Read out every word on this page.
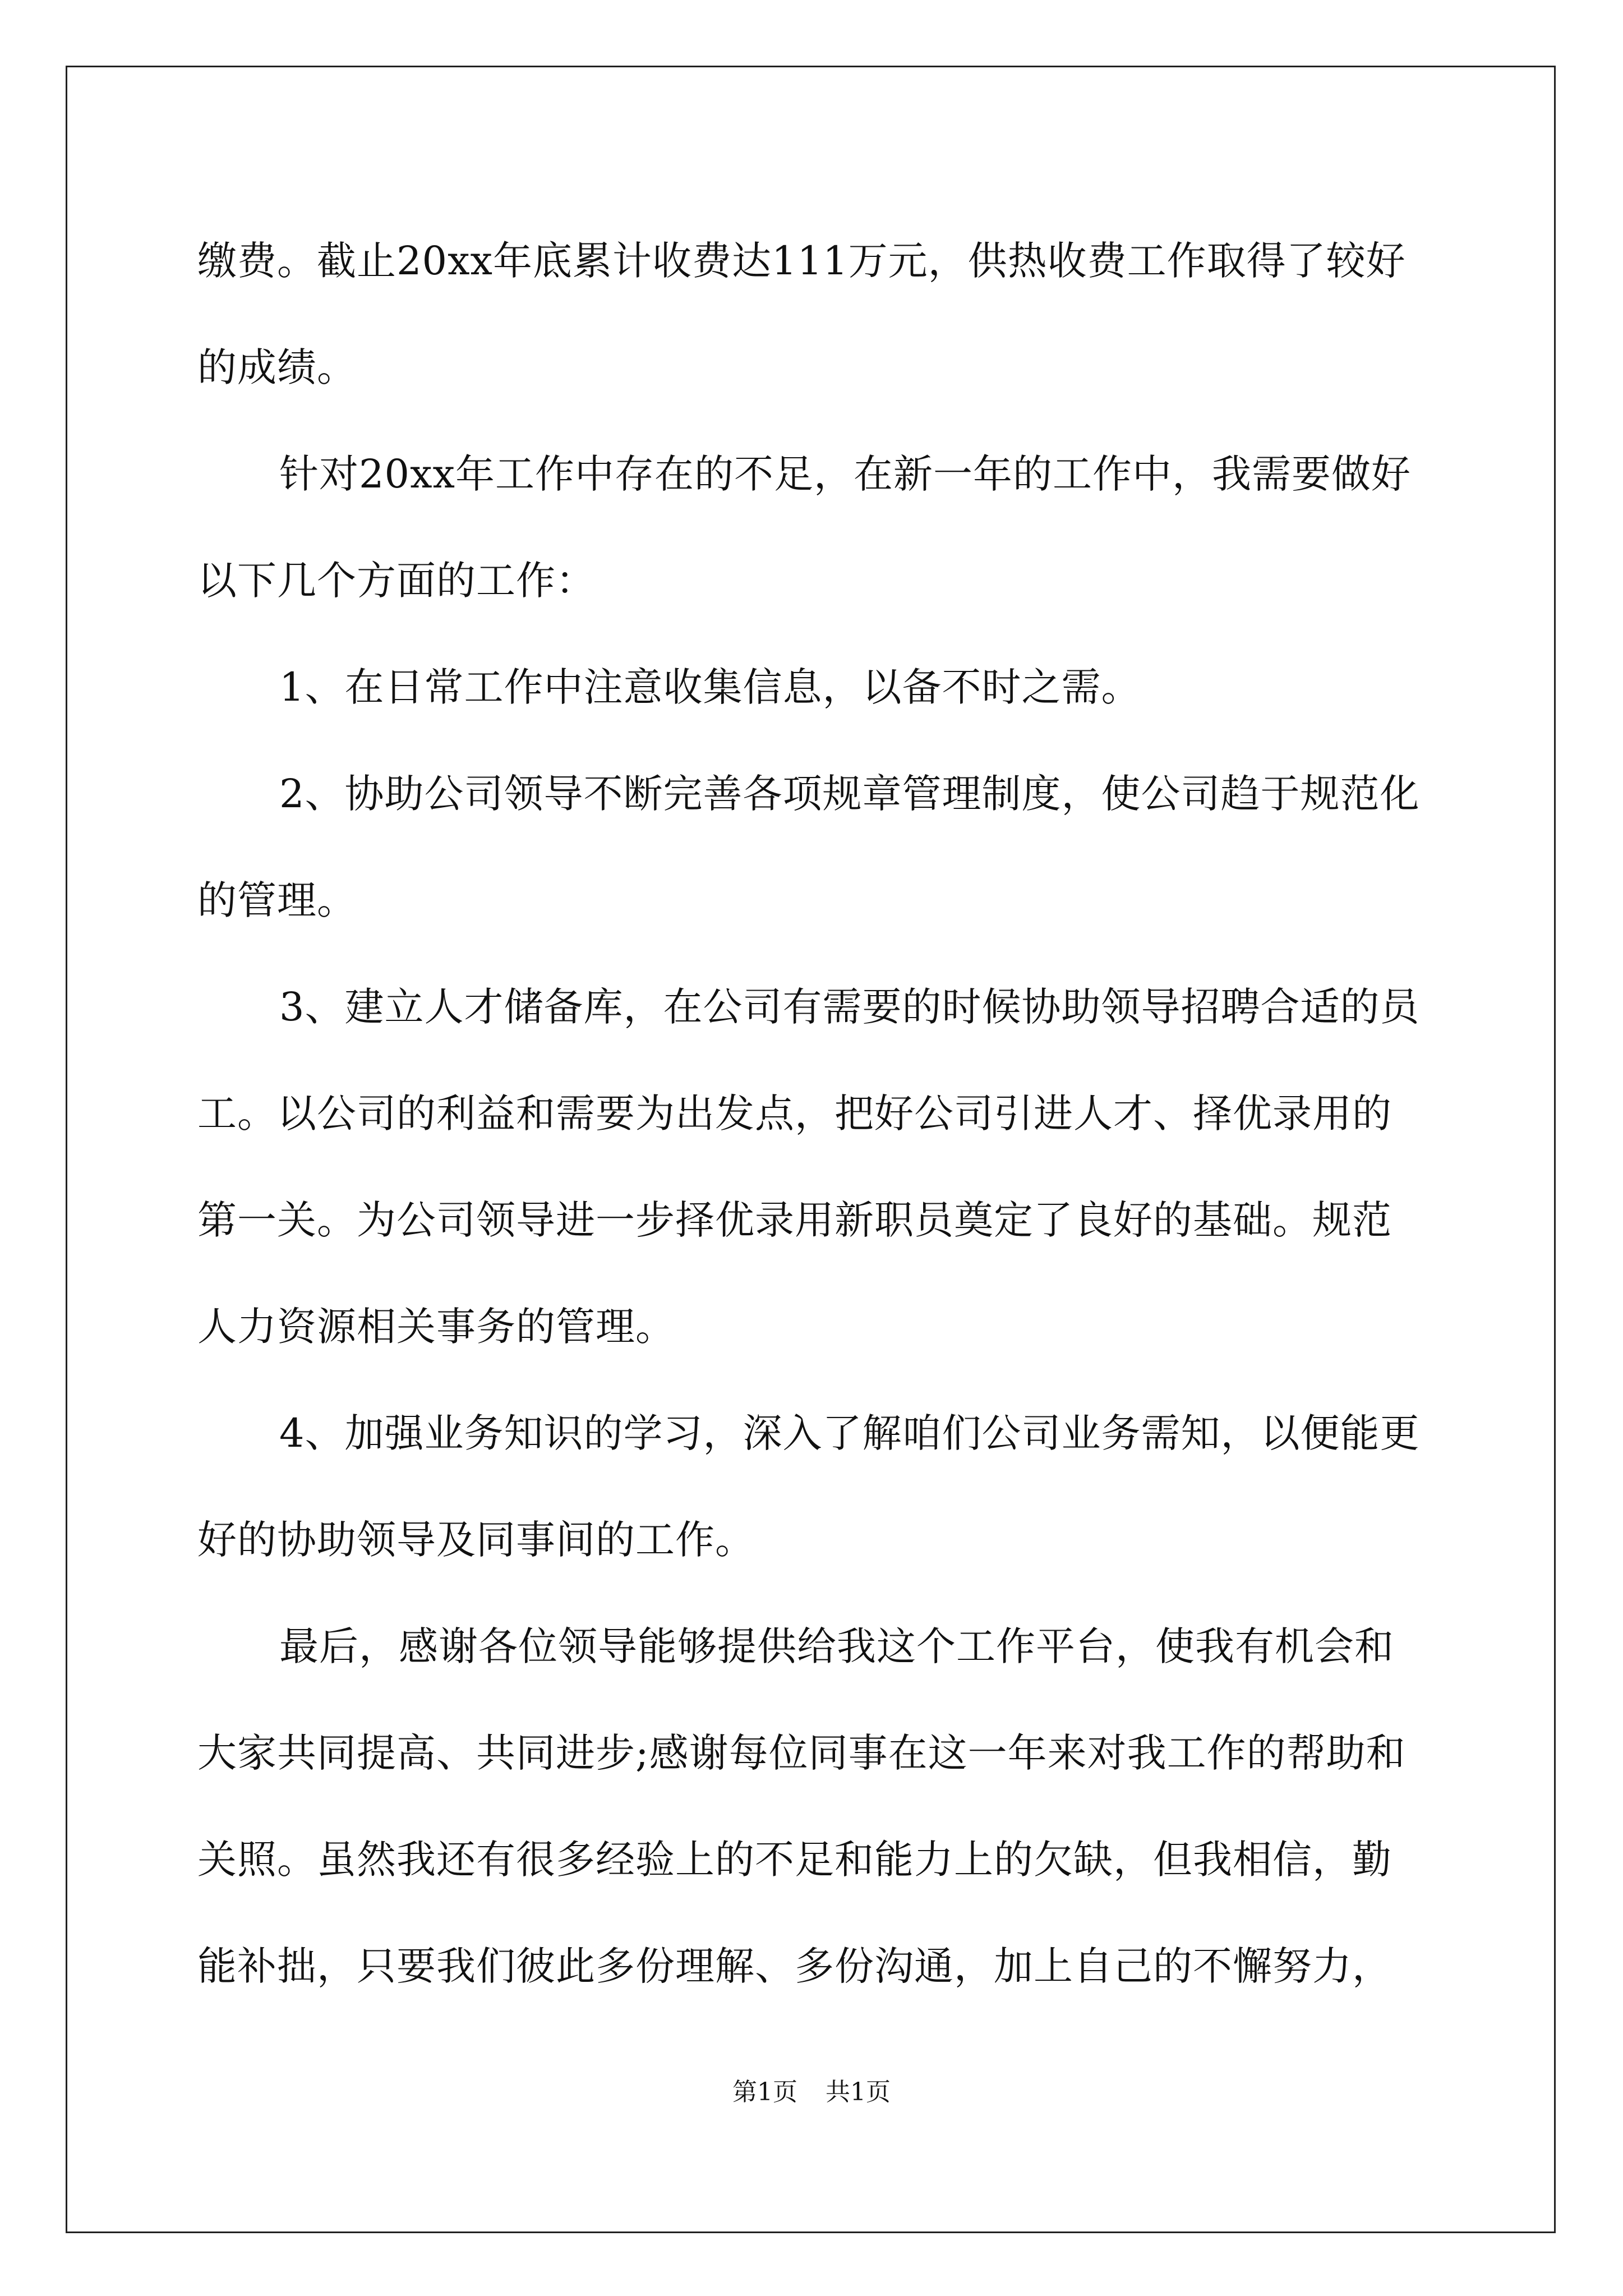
缴费。截止20xx年底累计收费达111万元，供热收费工作取得了较好
的成绩。
针对20xx年工作中存在的不足，在新一年的工作中，我需要做好
以下几个方面的工作：
1、在日常工作中注意收集信息，以备不时之需。
2、协助公司领导不断完善各项规章管理制度，使公司趋于规范化
的管理。
3、建立人才储备库，在公司有需要的时候协助领导招聘合适的员
工。以公司的利益和需要为出发点，把好公司引进人才、择优录用的
第一关。为公司领导进一步择优录用新职员奠定了良好的基础。规范
人力资源相关事务的管理。
4、加强业务知识的学习，深入了解咱们公司业务需知，以便能更
好的协助领导及同事间的工作。
最后，感谢各位领导能够提供给我这个工作平台，使我有机会和
大家共同提高、共同进步;感谢每位同事在这一年来对我工作的帮助和
关照。虽然我还有很多经验上的不足和能力上的欠缺，但我相信，勤
能补拙，只要我们彼此多份理解、多份沟通，加上自己的不懈努力，
第1页 共1页
